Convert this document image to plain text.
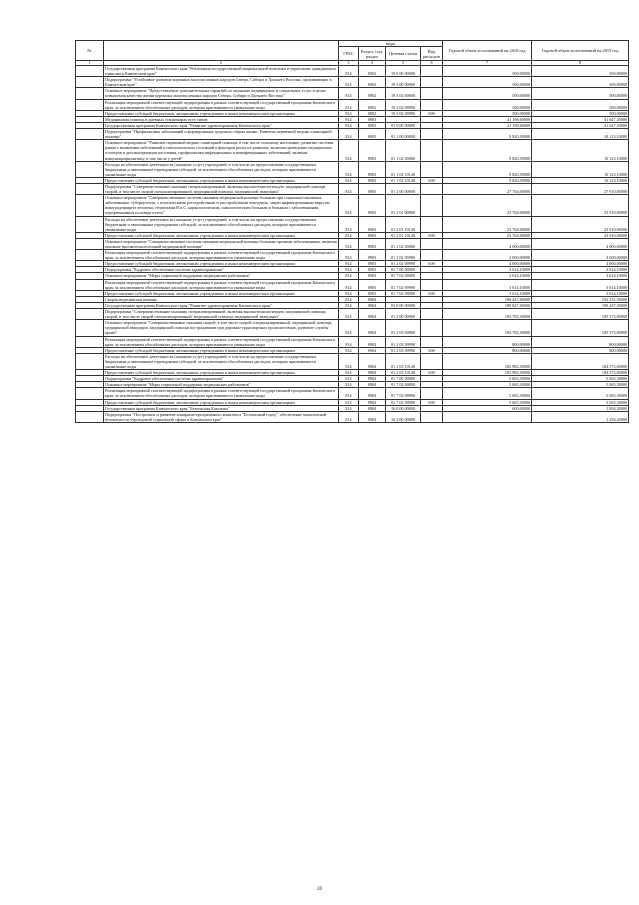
№		коды				Годовой объем ассигнований на 2018 год	Годовой объем ассигнований на 2019 год
		ГРБС	Раздел, под-раздел	Целевая статья	Вид расходов		
1	2	3	4	5	6	7	8
	Государственная программа Камчатского края "Реализация государственной национальной политики и укрепление гражданского единства в Камчатском крае"	814	0902	19 0 00 00000		500,00000	500,00000
	Подпрограмма "Устойчивое развитие коренных малочисленных народов Севера, Сибири и Дальнего Востока, проживающих в Камчатском крае"	814	0902	19 3 00 00000		500,00000	500,00000
	Основное мероприятие "Предоставление дополнительных гарантий по оказанию медицинских и социальных услуг в целях повышения качества жизни коренных малочисленных народов Севера, Сибири и Дальнего Востока"	814	0902	19 3 02 00000		500,00000	500,00000
	Реализация мероприятий соответствующей подпрограммы в рамках соответствующей государственной программы Камчатского края, за исключением обособленных расходов, которым присваиваются уникальные коды	814	0902	19 3 02 09990		500,00000	500,00000
	Предоставление субсидий бюджетным, автономным учреждениям и иным некоммерческим организациям	814	0902	19 3 02 09990	600	500,00000	500,00000
	Медицинская помощь в дневных стационарах всех типов	814	0903			41 198,60000	41 647,20000
	Государственная программа Камчатского края "Развитие здравоохранения Камчатского края"	814	0903	01 0 00 00000		41 198,60000	41 647,20000
	Подпрограмма "Профилактика заболеваний и формирование здорового образа жизни. Развитие первичной медико-санитарной помощи"	814	0903	01 1 00 00000		9 820,50000	10 123,10000
	Основное мероприятие "Развитие первичной медико-санитарной помощи, в том числе сельскому населению, развитие системы раннего выявления заболеваний и патологических состояний и факторов риска их развития, включая проведение медицинских осмотров и диспансеризации населения, профилактика инфекционных и неинфекционных заболеваний, включая иммунопрофилактику, в том числе у детей"	814	0903	01 1 02 00000		9 820,50000	10 123,10000
	Расходы на обеспечение деятельности (оказание услуг) учреждений, в том числе на предоставление государственным бюджетным и автономным учреждениям субсидий, за исключением обособленных расходов, которым присваиваются уникальные коды	814	0903	01 1 02 10140		9 820,50000	10 123,10000
	Предоставление субсидий бюджетным, автономным учреждениям и иным некоммерческим организациям	814	0903	01 1 02 10140	600	9 820,50000	10 123,10000
	Подпрограмма "Совершенствование оказания специализированной, включая высокотехнологичную, медицинской помощи, скорой, в том числе скорой специализированной, медицинской помощи, медицинской эвакуации"	814	0903	01 2 00 00000		27 764,00000	27 910,00000
	Основное мероприятие "Совершенствование системы оказания медицинской помощи больным при социально-значимых заболеваниях: туберкулезом, с психическими расстройствами и расстройствами поведения, лицам инфицированным вирусом иммунодефицита человека, гепатитами В и С, наркологическим, онкологическим больным и больным с заболеваниями, передающимися половым путем"	814	0903	01 2 01 00000		23 764,00000	23 910,00000
	Расходы на обеспечение деятельности (оказание услуг) учреждений, в том числе на предоставление государственным бюджетным и автономным учреждениям субсидий, за исключением обособленных расходов, которым присваиваются уникальные коды	814	0903	01 2 01 10140		23 764,00000	23 910,00000
	Предоставление субсидий бюджетным, автономным учреждениям и иным некоммерческим организациям	814	0903	01 2 01 10140	600	23 764,00000	23 910,00000
	Основное мероприятие "Совершенствование системы оказания медицинской помощи больным прочими заболеваниями, включая оказание высокотехнологичной медицинской помощи"	814	0903	01 2 02 00000		4 000,00000	4 000,00000
	Реализация мероприятий соответствующей подпрограммы в рамках соответствующей государственной программы Камчатского края, за исключением обособленных расходов, которым присваиваются уникальные коды	814	0903	01 2 02 09990		4 000,00000	4 000,00000
	Предоставление субсидий бюджетным, автономным учреждениям и иным некоммерческим организациям	814	0903	01 2 02 09990	600	4 000,00000	4 000,00000
	Подпрограмма "Кадровое обеспечение системы здравоохранения"	814	0903	01 7 00 00000		3 614,10000	3 614,10000
	Основное мероприятие "Меры социальной поддержки медицинских работников"	814	0903	01 7 02 00000		3 614,10000	3 614,10000
	Реализация мероприятий соответствующей подпрограммы в рамках соответствующей государственной программы Камчатского края, за исключением обособленных расходов, которым присваиваются уникальные коды	814	0903	01 7 02 09990		3 614,10000	3 614,10000
	Предоставление субсидий бюджетным, автономным учреждениям и иным некоммерческим организациям	814	0903	01 7 02 09990	600	3 614,10000	3 614,10000
	Скорая медицинская помощь	814	0904			190 447,60000	192 331,50000
	Государственная программа Камчатского края "Развитие здравоохранения Камчатского края"	814	0904	01 0 00 00000		189 847,60000	190 437,30000
	Подпрограмма "Совершенствование оказания специализированной, включая высокотехнологичную, медицинской помощи, скорой, в том числе скорой специализированной, медицинской помощи, медицинской эвакуации"	814	0904	01 2 00 00000		184 782,30000	185 372,00000
	Основное мероприятие "Совершенствование оказания скорой, в том числе скорой специализированной, медицинской помощи, медицинской эвакуации, медицинской помощи пострадавшим при дорожно-транспортных происшествиях, развитие службы крови"	814	0904	01 2 03 00000		184 782,30000	185 372,00000
	Реализация мероприятий соответствующей подпрограммы в рамках соответствующей государственной программы Камчатского края, за исключением обособленных расходов, которым присваиваются уникальные коды	814	0904	01 2 03 09990		800,00000	800,00000
	Предоставление субсидий бюджетным, автономным учреждениям и иным некоммерческим организациям	814	0904	01 2 03 09990	600	800,00000	800,00000
	Расходы на обеспечение деятельности (оказание услуг) учреждений, в том числе на предоставление государственным бюджетным и автономным учреждениям субсидий, за исключением обособленных расходов, которым присваиваются уникальные коды	814	0904	01 2 03 10140		183 982,30000	184 572,00000
	Предоставление субсидий бюджетным, автономным учреждениям и иным некоммерческим организациям	814	0904	01 2 03 10140	600	183 982,30000	184 572,00000
	Подпрограмма "Кадровое обеспечение системы здравоохранения"	814	0904	01 7 00 00000		5 065,30000	5 065,30000
	Основное мероприятие "Меры социальной поддержки медицинских работников"	814	0904	01 7 02 00000		5 065,30000	5 065,30000
	Реализация мероприятий соответствующей подпрограммы в рамках соответствующей государственной программы Камчатского края, за исключением обособленных расходов, которым присваиваются уникальные коды	814	0904	01 7 02 09990		5 065,30000	5 065,30000
	Предоставление субсидий бюджетным, автономным учреждениям и иным некоммерческим организациям	814	0904	01 7 02 09990	600	5 065,30000	5 065,30000
	Государственная программа Камчатского края "Безопасная Камчатка"	814	0904	16 0 00 00000		600,00000	1 894,20000
	Подпрограмма "Построение и развитие аппаратно-программного комплекса "Безопасный город", обеспечение комплексной безопасности учреждений социальной сферы в Камчатском крае"	814	0904	16 3 00 00000			1 294,20000
26
